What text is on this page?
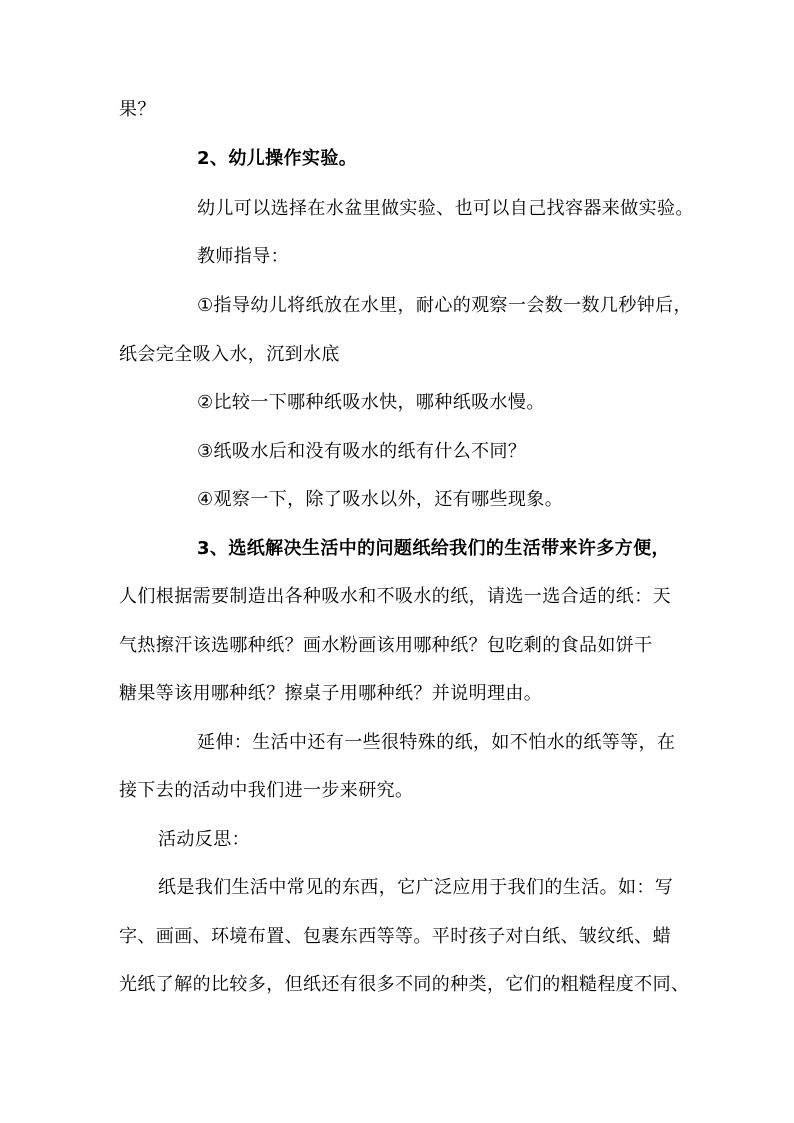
果？
2、幼儿操作实验。
幼儿可以选择在水盆里做实验、也可以自己找容器来做实验。
教师指导：
①指导幼儿将纸放在水里，耐心的观察一会数一数几秒钟后，
纸会完全吸入水，沉到水底
②比较一下哪种纸吸水快，哪种纸吸水慢。
③纸吸水后和没有吸水的纸有什么不同？
④观察一下，除了吸水以外，还有哪些现象。
3、选纸解决生活中的问题纸给我们的生活带来许多方便，
人们根据需要制造出各种吸水和不吸水的纸，请选一选合适的纸：天
气热擦汗该选哪种纸？画水粉画该用哪种纸？包吃剩的食品如饼干
糖果等该用哪种纸？擦桌子用哪种纸？并说明理由。
延伸：生活中还有一些很特殊的纸，如不怕水的纸等等，在
接下去的活动中我们进一步来研究。
活动反思：
纸是我们生活中常见的东西，它广泛应用于我们的生活。如：写
字、画画、环境布置、包裹东西等等。平时孩子对白纸、皱纹纸、蜡
光纸了解的比较多，但纸还有很多不同的种类，它们的粗糙程度不同、
